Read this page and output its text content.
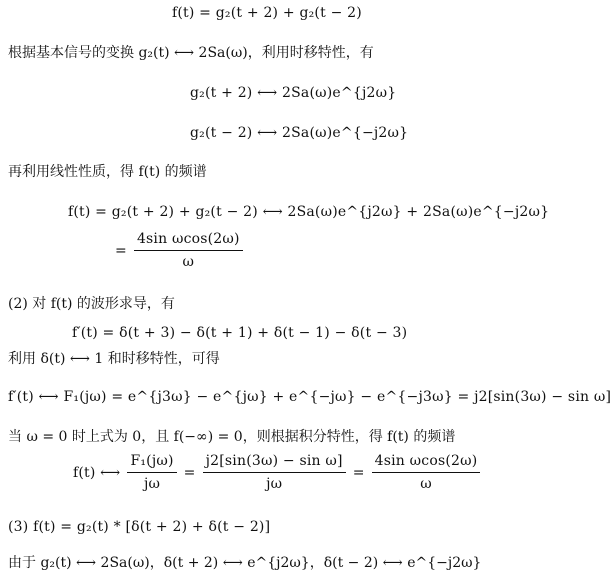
f(t) = g₂(t + 2) + g₂(t − 2)
根据基本信号的变换 g₂(t) ⟷ 2Sa(ω)，利用时移特性，有
g₂(t + 2) ⟷ 2Sa(ω)e^{j2ω}
g₂(t − 2) ⟷ 2Sa(ω)e^{−j2ω}
再利用线性性质，得 f(t) 的频谱
f(t) = g₂(t + 2) + g₂(t − 2) ⟷ 2Sa(ω)e^{j2ω} + 2Sa(ω)e^{−j2ω}
= $\frac{\text{4sin ωcos(2ω)}}{\omega}$
(2) 对 f(t) 的波形求导，有
f′(t) = δ(t + 3) − δ(t + 1) + δ(t − 1) − δ(t − 3)
利用 δ(t) ⟷ 1 和时移特性，可得
f′(t) ⟷ F₁(jω) = e^{j3ω} − e^{jω} + e^{−jω} − e^{−j3ω} = j2[sin(3ω) − sin ω]
当 ω = 0 时上式为 0，且 f(−∞) = 0，则根据积分特性，得 f(t) 的频谱
f(t) ⟷ $\frac{\text{F₁(jω)}}{j\omega} = \frac{\text{j2[sin(3ω) − sin ω]}}{j\omega} = \frac{\text{4sin ωcos(2ω)}}{\omega}$
(3) f(t) = g₂(t) * [δ(t + 2) + δ(t − 2)]
由于 g₂(t) ⟷ 2Sa(ω)，δ(t + 2) ⟷ e^{j2ω}，δ(t − 2) ⟷ e^{−j2ω}
